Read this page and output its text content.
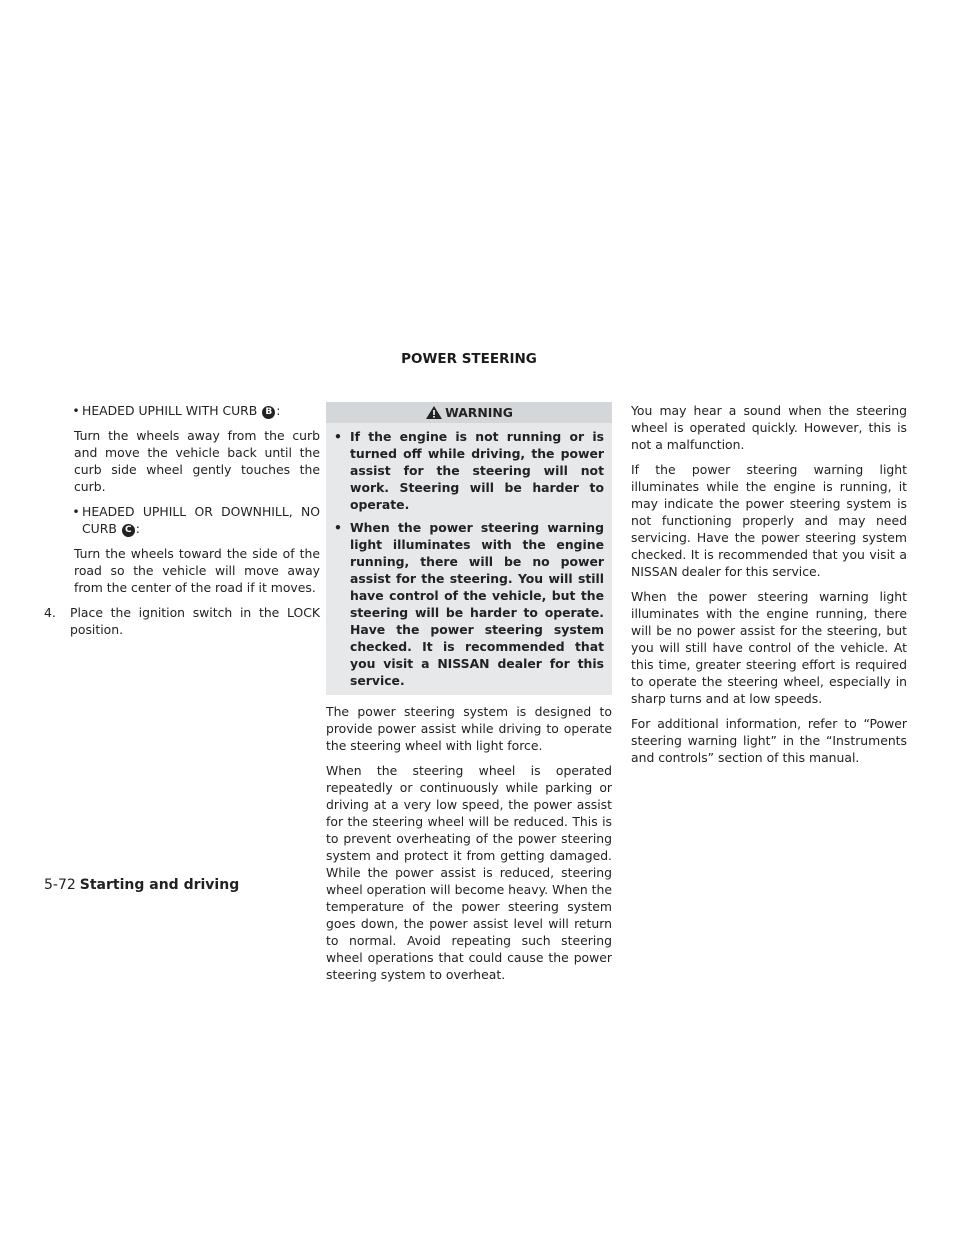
POWER STEERING
• HEADED UPHILL WITH CURB B :

Turn the wheels away from the curb and move the vehicle back until the curb side wheel gently touches the curb.

• HEADED UPHILL OR DOWNHILL, NO CURB C :

Turn the wheels toward the side of the road so the vehicle will move away from the center of the road if it moves.

4.	Place the ignition switch in the LOCK position.
WARNING
• If the engine is not running or is turned off while driving, the power assist for the steering will not work. Steering will be harder to operate.
• When the power steering warning light illuminates with the engine running, there will be no power assist for the steering. You will still have control of the vehicle, but the steering will be harder to operate. Have the power steering system checked. It is recommended that you visit a NISSAN dealer for this service.

The power steering system is designed to provide power assist while driving to operate the steering wheel with light force.

When the steering wheel is operated repeatedly or continuously while parking or driving at a very low speed, the power assist for the steering wheel will be reduced. This is to prevent overheating of the power steering system and protect it from getting damaged. While the power assist is reduced, steering wheel operation will become heavy. When the temperature of the power steering system goes down, the power assist level will return to normal. Avoid repeating such steering wheel operations that could cause the power steering system to overheat.

You may hear a sound when the steering wheel is operated quickly. However, this is not a malfunction.

If the power steering warning light illuminates while the engine is running, it may indicate the power steering system is not functioning properly and may need servicing. Have the power steering system checked. It is recommended that you visit a NISSAN dealer for this service.

When the power steering warning light illuminates with the engine running, there will be no power assist for the steering, but you will still have control of the vehicle. At this time, greater steering effort is required to operate the steering wheel, especially in sharp turns and at low speeds.

For additional information, refer to “Power steering warning light” in the “Instruments and controls” section of this manual.

5-72 Starting and driving
